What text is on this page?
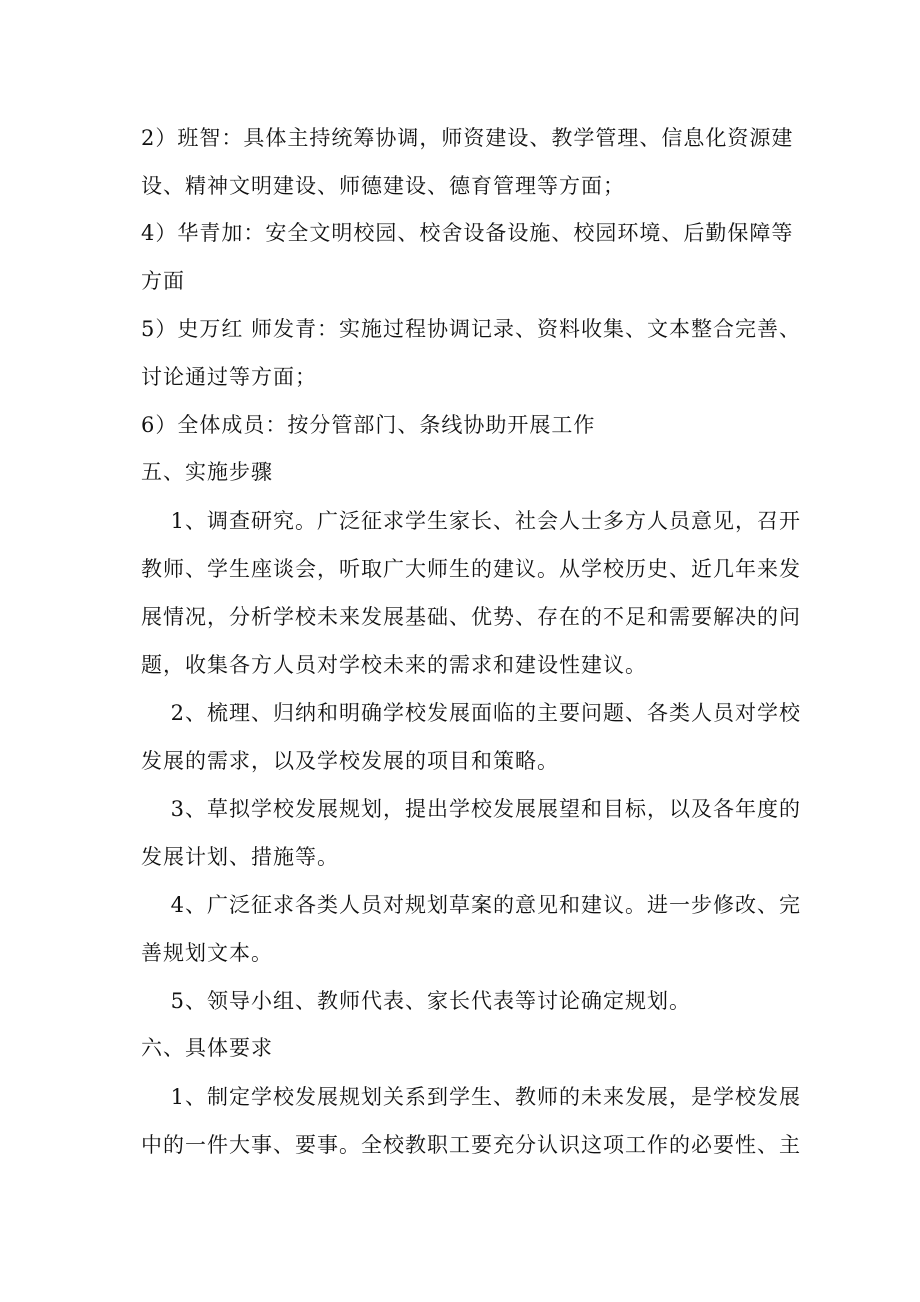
2）班智：具体主持统筹协调，师资建设、教学管理、信息化资源建
设、精神文明建设、师德建设、德育管理等方面；
4）华青加：安全文明校园、校舍设备设施、校园环境、后勤保障等
方面
5）史万红 师发青：实施过程协调记录、资料收集、文本整合完善、
讨论通过等方面；
6）全体成员：按分管部门、条线协助开展工作
五、实施步骤
　 1、调查研究。广泛征求学生家长、社会人士多方人员意见，召开
教师、学生座谈会，听取广大师生的建议。从学校历史、近几年来发
展情况，分析学校未来发展基础、优势、存在的不足和需要解决的问
题，收集各方人员对学校未来的需求和建设性建议。
　 2、梳理、归纳和明确学校发展面临的主要问题、各类人员对学校
发展的需求，以及学校发展的项目和策略。
　 3、草拟学校发展规划，提出学校发展展望和目标，以及各年度的
发展计划、措施等。
　 4、广泛征求各类人员对规划草案的意见和建议。进一步修改、完
善规划文本。
　 5、领导小组、教师代表、家长代表等讨论确定规划。
六、具体要求
　 1、制定学校发展规划关系到学生、教师的未来发展，是学校发展
中的一件大事、要事。全校教职工要充分认识这项工作的必要性、主
